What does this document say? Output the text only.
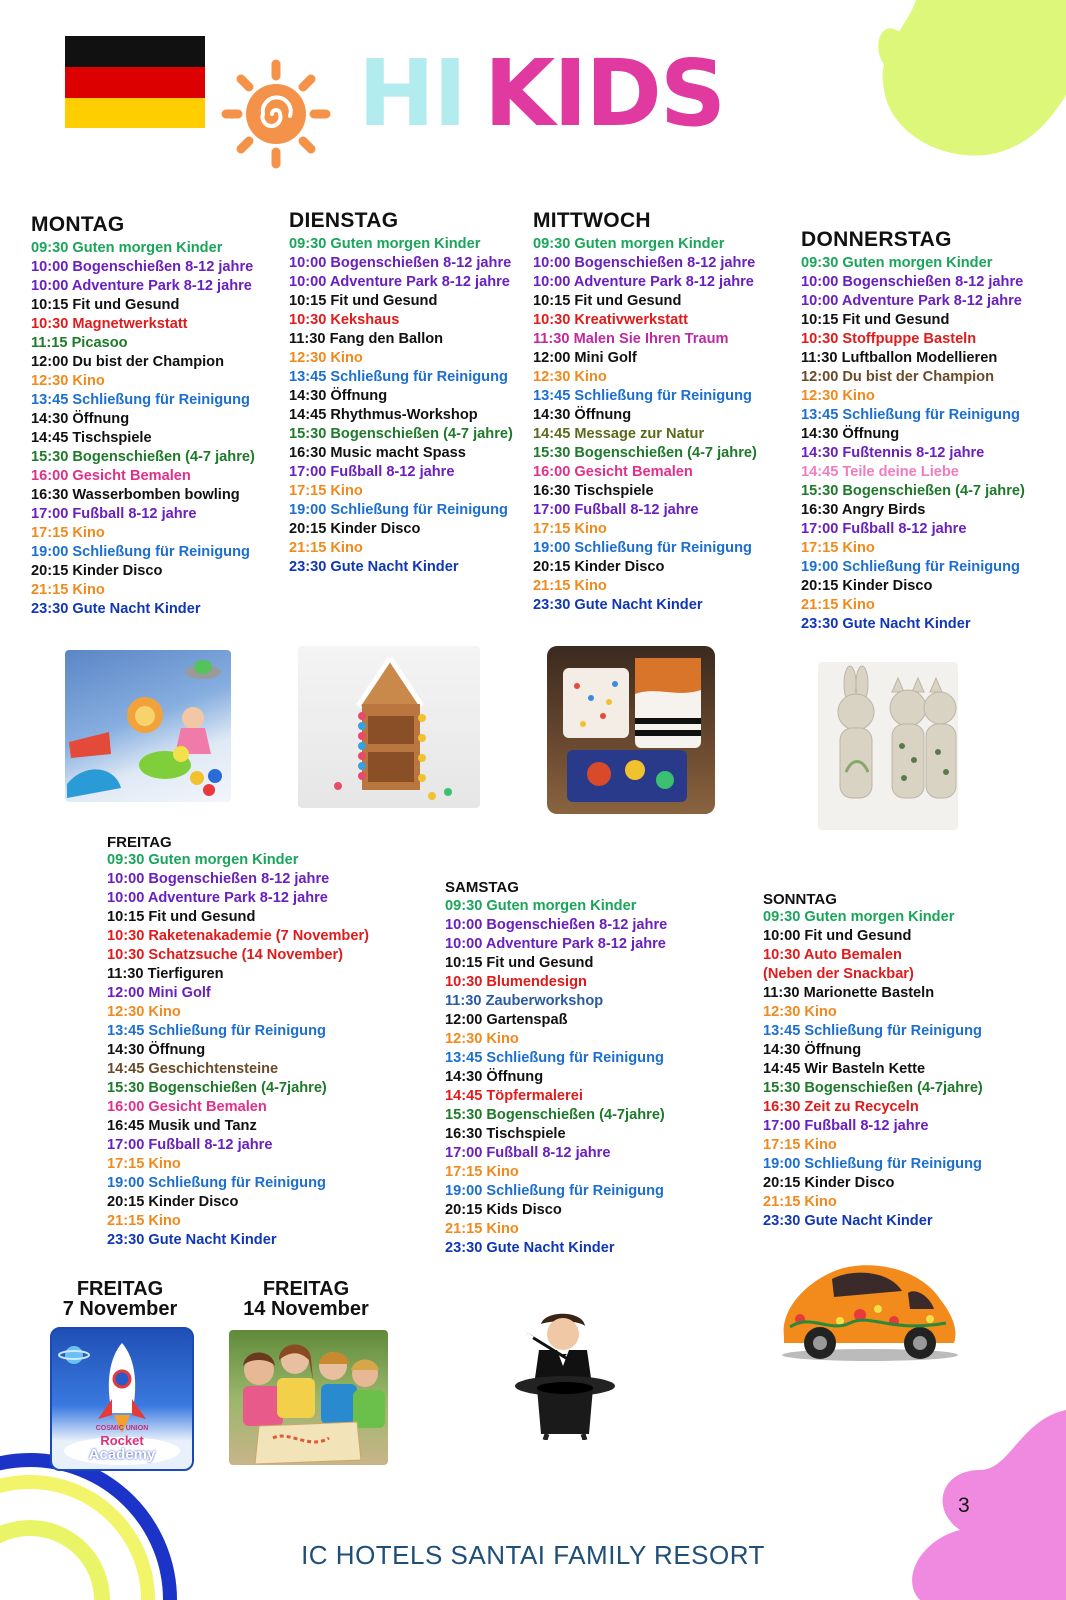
HI KIDS
MONTAG
09:30 Guten morgen Kinder
10:00 Bogenschießen 8-12 jahre
10:00 Adventure Park 8-12 jahre
10:15 Fit und Gesund
10:30 Magnetwerkstatt
11:15 Picasoo
12:00 Du bist der Champion
12:30 Kino
13:45 Schließung für Reinigung
14:30 Öffnung
14:45 Tischspiele
15:30 Bogenschießen (4-7 jahre)
16:00 Gesicht Bemalen
16:30 Wasserbomben bowling
17:00 Fußball 8-12 jahre
17:15 Kino
19:00 Schließung für Reinigung
20:15 Kinder Disco
21:15 Kino
23:30 Gute Nacht Kinder
DIENSTAG
09:30 Guten morgen Kinder
10:00 Bogenschießen 8-12 jahre
10:00 Adventure Park 8-12 jahre
10:15 Fit und Gesund
10:30 Kekshaus
11:30 Fang den Ballon
12:30 Kino
13:45 Schließung für Reinigung
14:30 Öffnung
14:45 Rhythmus-Workshop
15:30 Bogenschießen (4-7 jahre)
16:30 Music macht Spass
17:00 Fußball 8-12 jahre
17:15 Kino
19:00 Schließung für Reinigung
20:15 Kinder Disco
21:15 Kino
23:30 Gute Nacht Kinder
MITTWOCH
09:30 Guten morgen Kinder
10:00 Bogenschießen 8-12 jahre
10:00 Adventure Park 8-12 jahre
10:15 Fit und Gesund
10:30 Kreativwerkstatt
11:30 Malen Sie Ihren Traum
12:00 Mini Golf
12:30 Kino
13:45 Schließung für Reinigung
14:30 Öffnung
14:45 Message zur Natur
15:30 Bogenschießen (4-7 jahre)
16:00 Gesicht Bemalen
16:30 Tischspiele
17:00 Fußball 8-12 jahre
17:15 Kino
19:00 Schließung für Reinigung
20:15 Kinder Disco
21:15 Kino
23:30 Gute Nacht Kinder
DONNERSTAG
09:30 Guten morgen Kinder
10:00 Bogenschießen 8-12 jahre
10:00 Adventure Park 8-12 jahre
10:15 Fit und Gesund
10:30 Stoffpuppe Basteln
11:30 Luftballon Modellieren
12:00 Du bist der Champion
12:30 Kino
13:45 Schließung für Reinigung
14:30 Öffnung
14:30 Fußtennis 8-12 jahre
14:45 Teile deine Liebe
15:30 Bogenschießen (4-7 jahre)
16:30 Angry Birds
17:00 Fußball 8-12 jahre
17:15 Kino
19:00 Schließung für Reinigung
20:15 Kinder Disco
21:15 Kino
23:30 Gute Nacht Kinder
FREITAG
09:30 Guten morgen Kinder
10:00 Bogenschießen 8-12 jahre
10:00 Adventure Park 8-12 jahre
10:15 Fit und Gesund
10:30 Raketenakademie (7 November)
10:30 Schatzsuche (14 November)
11:30 Tierfiguren
12:00 Mini Golf
12:30 Kino
13:45 Schließung für Reinigung
14:30 Öffnung
14:45 Geschichtensteine
15:30 Bogenschießen (4-7jahre)
16:00 Gesicht Bemalen
16:45 Musik und Tanz
17:00 Fußball 8-12 jahre
17:15 Kino
19:00 Schließung für Reinigung
20:15 Kinder Disco
21:15 Kino
23:30 Gute Nacht Kinder
SAMSTAG
09:30 Guten morgen Kinder
10:00 Bogenschießen 8-12 jahre
10:00 Adventure Park 8-12 jahre
10:15 Fit und Gesund
10:30 Blumendesign
11:30 Zauberworkshop
12:00 Gartenspaß
12:30 Kino
13:45 Schließung für Reinigung
14:30 Öffnung
14:45 Töpfermalerei
15:30 Bogenschießen (4-7jahre)
16:30 Tischspiele
17:00 Fußball 8-12 jahre
17:15 Kino
19:00 Schließung für Reinigung
20:15 Kids Disco
21:15 Kino
23:30 Gute Nacht Kinder
SONNTAG
09:30 Guten morgen Kinder
10:00 Fit und Gesund
10:30 Auto Bemalen
(Neben der Snackbar)
11:30 Marionette Basteln
12:30 Kino
13:45 Schließung für Reinigung
14:30 Öffnung
14:45 Wir Basteln Kette
15:30 Bogenschießen (4-7jahre)
16:30 Zeit zu Recyceln
17:00 Fußball 8-12 jahre
17:15 Kino
19:00 Schließung für Reinigung
20:15 Kinder Disco
21:15 Kino
23:30 Gute Nacht Kinder
FREITAG
7 November
COSMIC UNION
Rocket
Academy
FREITAG
14 November
3
IC HOTELS SANTAI FAMILY RESORT
